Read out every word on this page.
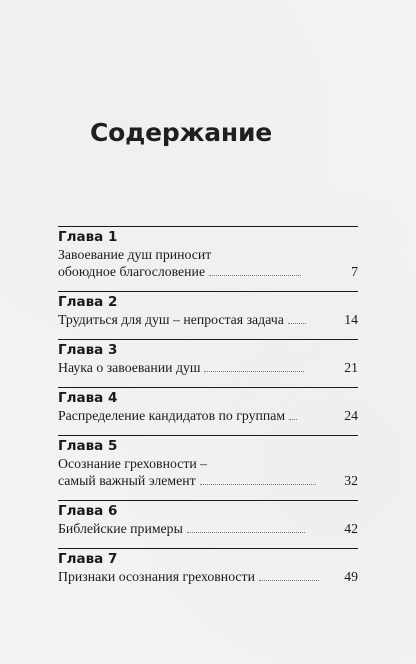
Содержание
Глава 1
Завоевание душ приносит
обоюдное благословение	7
Глава 2
Трудиться для душ – непростая задача	14
Глава 3
Наука о завоевании душ	21
Глава 4
Распределение кандидатов по группам	24
Глава 5
Осознание греховности –
самый важный элемент	32
Глава 6
Библейские примеры	42
Глава 7
Признаки осознания греховности	49
